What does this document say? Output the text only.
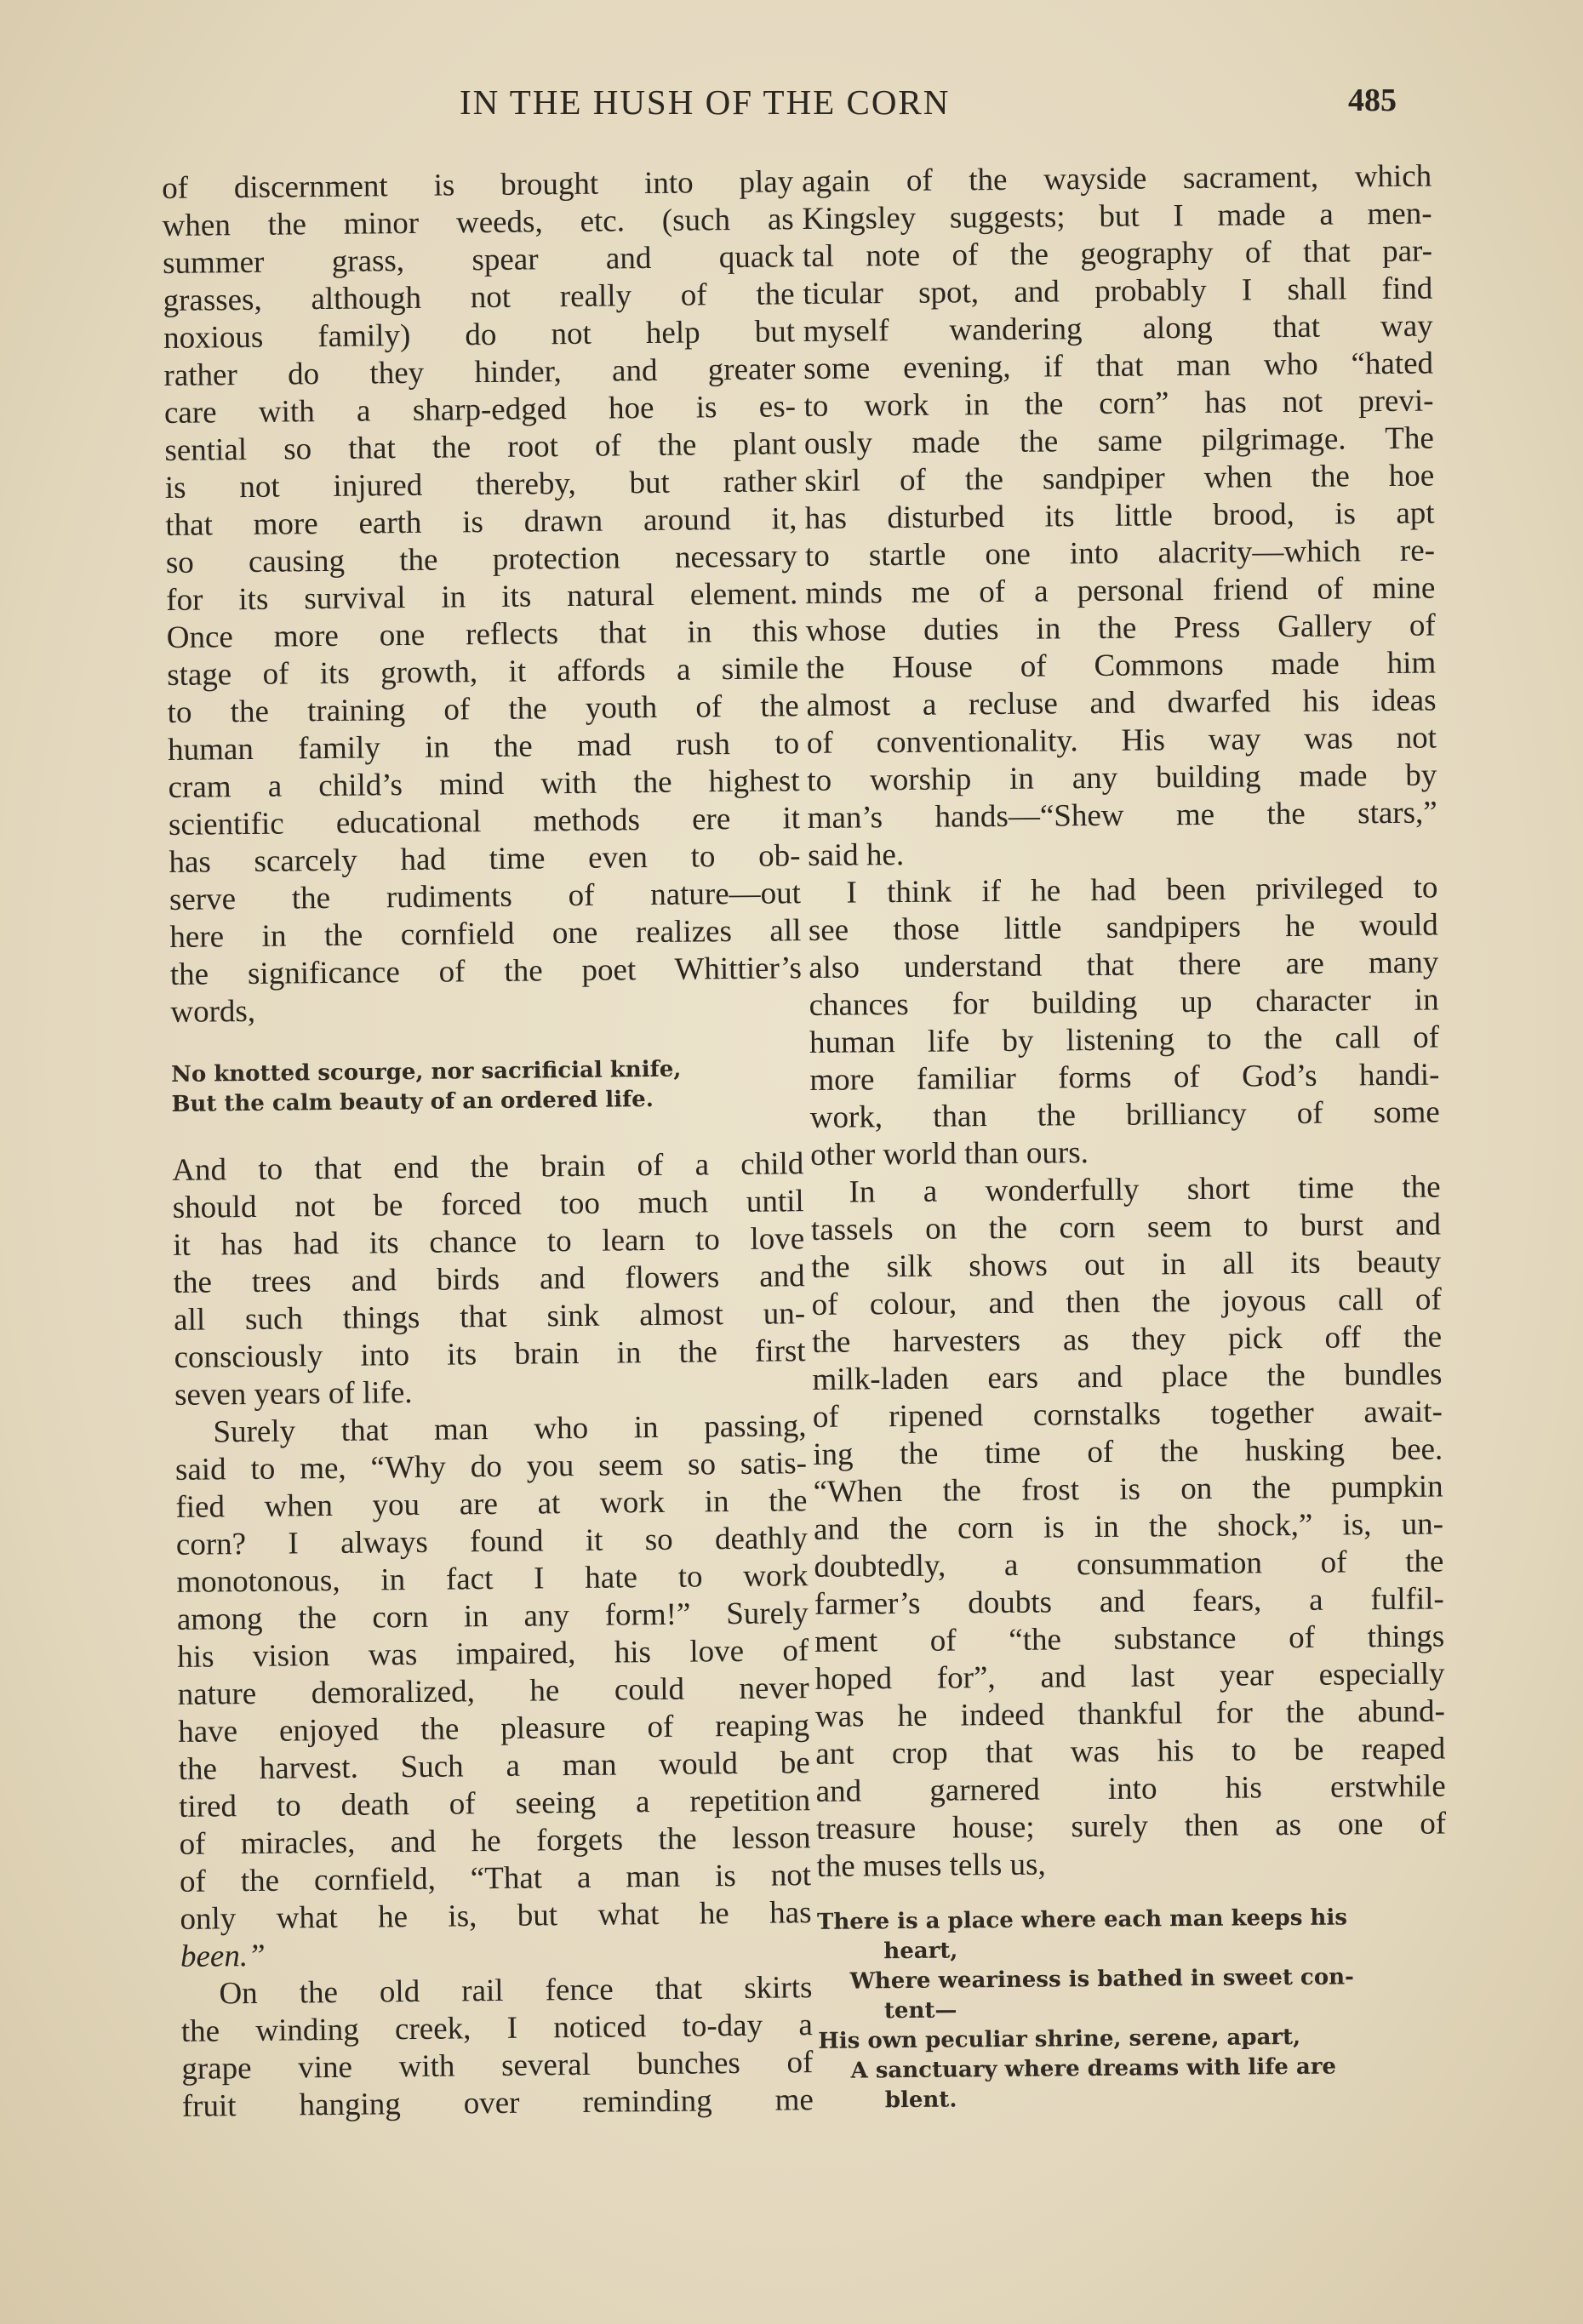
IN THE HUSH OF THE CORN	485
of discernment is brought into play
when the minor weeds, etc. (such as
summer grass, spear and quack
grasses, although not really of the
noxious family) do not help but
rather do they hinder, and greater
care with a sharp-edged hoe is es-
sential so that the root of the plant
is not injured thereby, but rather
that more earth is drawn around it,
so causing the protection necessary
for its survival in its natural element.
Once more one reflects that in this
stage of its growth, it affords a simile
to the training of the youth of the
human family in the mad rush to
cram a child’s mind with the highest
scientific educational methods ere it
has scarcely had time even to ob-
serve the rudiments of nature—out
here in the cornfield one realizes all
the significance of the poet Whittier’s
words,
No knotted scourge, nor sacrificial knife,
But the calm beauty of an ordered life.
And to that end the brain of a child
should not be forced too much until
it has had its chance to learn to love
the trees and birds and flowers and
all such things that sink almost un-
consciously into its brain in the first
seven years of life.
Surely that man who in passing,
said to me, “Why do you seem so satis-
fied when you are at work in the
corn? I always found it so deathly
monotonous, in fact I hate to work
among the corn in any form!” Surely
his vision was impaired, his love of
nature demoralized, he could never
have enjoyed the pleasure of reaping
the harvest. Such a man would be
tired to death of seeing a repetition
of miracles, and he forgets the lesson
of the cornfield, “That a man is not
only what he is, but what he has
been.”
On the old rail fence that skirts
the winding creek, I noticed to-day a
grape vine with several bunches of
fruit hanging over reminding me
again of the wayside sacrament, which
Kingsley suggests; but I made a men-
tal note of the geography of that par-
ticular spot, and probably I shall find
myself wandering along that way
some evening, if that man who “hated
to work in the corn” has not previ-
ously made the same pilgrimage. The
skirl of the sandpiper when the hoe
has disturbed its little brood, is apt
to startle one into alacrity—which re-
minds me of a personal friend of mine
whose duties in the Press Gallery of
the House of Commons made him
almost a recluse and dwarfed his ideas
of conventionality. His way was not
to worship in any building made by
man’s hands—“Shew me the stars,”
said he.
I think if he had been privileged to
see those little sandpipers he would
also understand that there are many
chances for building up character in
human life by listening to the call of
more familiar forms of God’s handi-
work, than the brilliancy of some
other world than ours.
In a wonderfully short time the
tassels on the corn seem to burst and
the silk shows out in all its beauty
of colour, and then the joyous call of
the harvesters as they pick off the
milk-laden ears and place the bundles
of ripened cornstalks together await-
ing the time of the husking bee.
“When the frost is on the pumpkin
and the corn is in the shock,” is, un-
doubtedly, a consummation of the
farmer’s doubts and fears, a fulfil-
ment of “the substance of things
hoped for”, and last year especially
was he indeed thankful for the abund-
ant crop that was his to be reaped
and garnered into his erstwhile
treasure house; surely then as one of
the muses tells us,
There is a place where each man keeps his
heart,
Where weariness is bathed in sweet con-
tent—
His own peculiar shrine, serene, apart,
A sanctuary where dreams with life are
blent.
